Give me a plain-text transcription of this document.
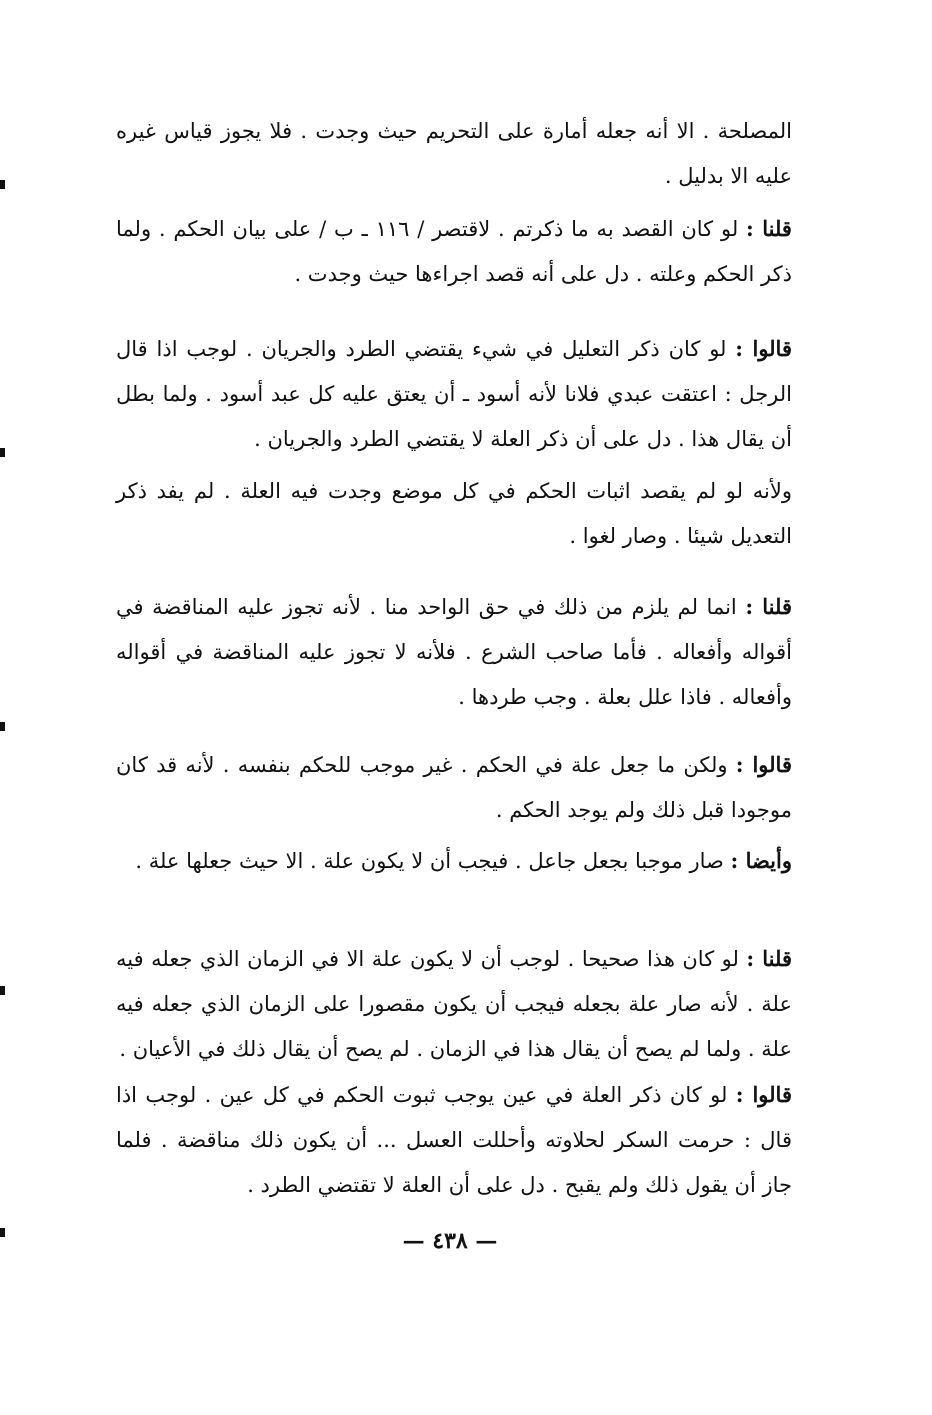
المصلحة . الا أنه جعله أمارة على التحريم حيث وجدت . فلا يجوز قياس غيره عليه الا بدليل .

قلنا : لو كان القصد به ما ذكرتم . لاقتصر / ١١٦ ـ ب / على بيان الحكم . ولما ذكر الحكم وعلته . دل على أنه قصد اجراءها حيث وجدت .

قالوا : لو كان ذكر التعليل في شيء يقتضي الطرد والجريان . لوجب اذا قال الرجل : اعتقت عبدي فلانا لأنه أسود ـ أن يعتق عليه كل عبد أسود . ولما بطل أن يقال هذا . دل على أن ذكر العلة لا يقتضي الطرد والجريان .

ولأنه لو لم يقصد اثبات الحكم في كل موضع وجدت فيه العلة . لم يفد ذكر التعديل شيئا . وصار لغوا .

قلنا : انما لم يلزم من ذلك في حق الواحد منا . لأنه تجوز عليه المناقضة في أقواله وأفعاله . فأما صاحب الشرع . فلأنه لا تجوز عليه المناقضة في أقواله وأفعاله . فاذا علل بعلة . وجب طردها .

قالوا : ولكن ما جعل علة في الحكم . غير موجب للحكم بنفسه . لأنه قد كان موجودا قبل ذلك ولم يوجد الحكم .

وأيضا : صار موجبا بجعل جاعل . فيجب أن لا يكون علة . الا حيث جعلها علة .

قلنا : لو كان هذا صحيحا . لوجب أن لا يكون علة الا في الزمان الذي جعله فيه علة . لأنه صار علة بجعله فيجب أن يكون مقصورا على الزمان الذي جعله فيه علة . ولما لم يصح أن يقال هذا في الزمان . لم يصح أن يقال ذلك في الأعيان .

قالوا : لو كان ذكر العلة في عين يوجب ثبوت الحكم في كل عين . لوجب اذا قال : حرمت السكر لحلاوته وأحللت العسل ... أن يكون ذلك مناقضة . فلما جاز أن يقول ذلك ولم يقبح . دل على أن العلة لا تقتضي الطرد .

— ٤٣٨ —
